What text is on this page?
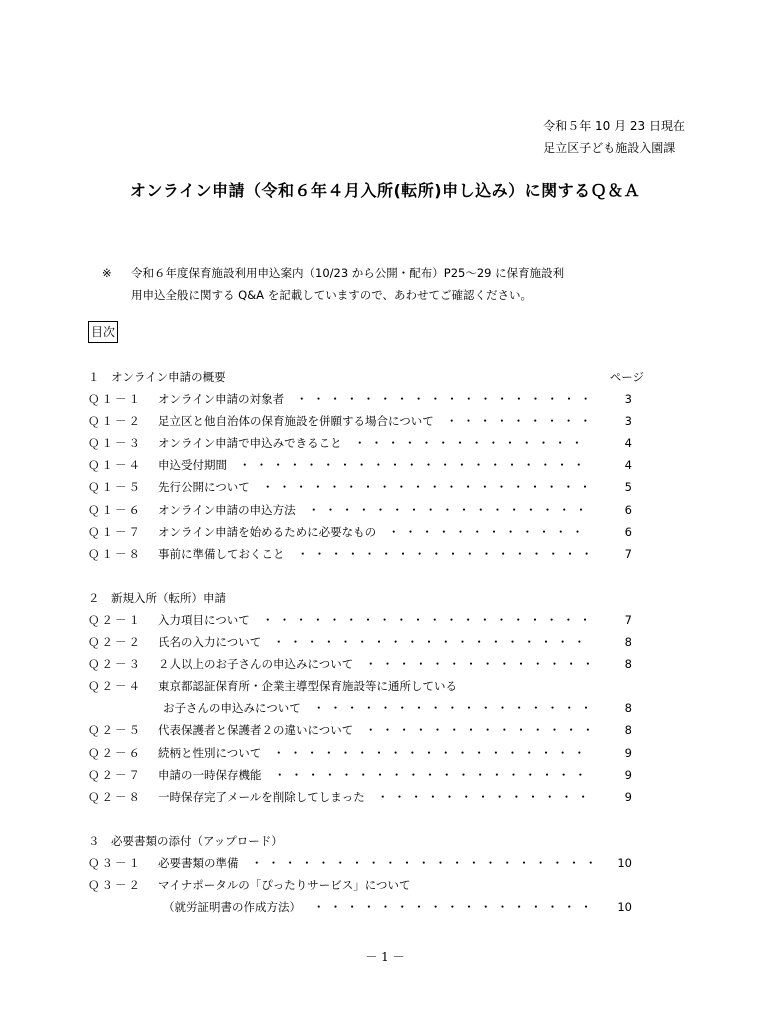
令和５年 10 月 23 日現在
足立区子ども施設入園課
オンライン申請（令和６年４月入所(転所)申し込み）に関するＱ＆Ａ
※ 令和６年度保育施設利用申込案内（10/23 から公開・配布）P25～29 に保育施設利
用申込全般に関する Q&A を記載していますので、あわせてご確認ください。
目次
１　オンライン申請の概要	ページ
Ｑ１－１	オンライン申請の対象者 ・・・・・・・・・・・・・・・・・・ 3
Ｑ１－２	足立区と他自治体の保育施設を併願する場合について ・・・・・・・・・ 3
Ｑ１－３	オンライン申請で申込みできること ・・・・・・・・・・・・・・	4
Ｑ１－４	申込受付期間 ・・・・・・・・・・・・・・・・・・・・・	4
Ｑ１－５	先行公開について ・・・・・・・・・・・・・・・・・・・・ 5
Ｑ１－６	オンライン申請の申込方法 ・・・・・・・・・・・・・・・・・	6
Ｑ１－７	オンライン申請を始めるために必要なもの ・・・・・・・・・・・・	6
Ｑ１－８	事前に準備しておくこと ・・・・・・・・・・・・・・・・・・ 7
２　新規入所（転所）申請
Ｑ２－１	入力項目について ・・・・・・・・・・・・・・・・・・・・ 7
Ｑ２－２	氏名の入力について ・・・・・・・・・・・・・・・・・・・	8
Ｑ２－３	２人以上のお子さんの申込みについて ・・・・・・・・・・・・・・ 8
Ｑ２－４	東京都認証保育所・企業主導型保育施設等に通所している
お子さんの申込みについて ・・・・・・・・・・・・・・・・・ 8
Ｑ２－５	代表保護者と保護者２の違いについて ・・・・・・・・・・・・・・ 8
Ｑ２－６	続柄と性別について ・・・・・・・・・・・・・・・・・・・	9
Ｑ２－７	申請の一時保存機能 ・・・・・・・・・・・・・・・・・・・	9
Ｑ２－８	一時保存完了メールを削除してしまった ・・・・・・・・・・・・・	9
３　必要書類の添付（アップロード）
Ｑ３－１	必要書類の準備 ・・・・・・・・・・・・・・・・・・・・・ 10
Ｑ３－２	マイナポータルの「ぴったりサービス」について
（就労証明書の作成方法） ・・・・・・・・・・・・・・・・・ 10
－ 1 －
